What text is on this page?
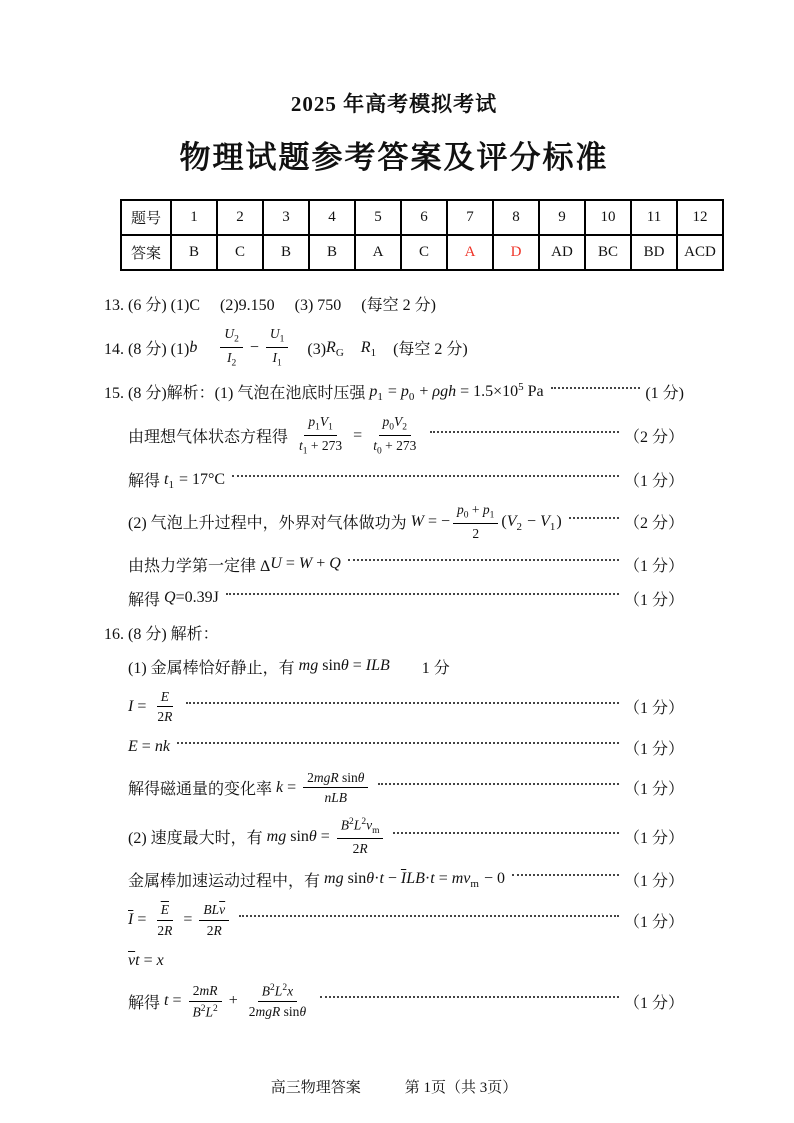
2025 年高考模拟考试
物理试题参考答案及评分标准
题号	1	2	3	4	5	6	7	8	9	10	11	12
答案	B	C	B	B	A	C	A	D	AD	BC	BD	ACD
13. (6 分) (1)C　 (2)9.150　 (3) 750　 (每空 2 分)
14. (8 分) (1) b
　 $\frac{U_2}{I_2} - \frac{U_1}{I_1}$ 　(3) $R_G$
　 $R_1$ 　(每空 2 分)
15. (8 分)解析：(1) 气泡在池底时压强 $p_1 = p_0 + \rho gh = 1.5\times 10^5$ Pa	(1 分)
由理想气体状态方程得 $\frac{p_1V_1}{t_1 + 273} = \frac{p_0V_2}{t_0 + 273}$	（2 分）
解得 $t_1 = 17^\circ C$	（1 分）
(2) 气泡上升过程中，外界对气体做功为 W = − $\frac{p_0 + p_1}{2}$ ( $V_2 - V_1$ )	（2 分）
由热力学第一定律 Δ U = W + Q	（1 分）
解得 Q =0.39J	（1 分）
16. (8 分) 解析：
(1) 金属棒恰好静止，有 mg sin θ = ILB 　　1 分
$I = \frac{E}{2R}$	（1 分）
E = nk	（1 分）
解得磁通量的变化率 $k = \frac{\text{2mgR sinθ}}{\text{nLB}}$	（1 分）
(2) 速度最大时，有 mg $\sin \theta = \frac{B^2L^2v_m}{2R}$	（1 分）
金属棒加速运动过程中，有 mg $\sin \theta \cdot t - \overline{I}$ LB · $t = mv_m - 0$	（1 分）
$\overline{I} = \frac{\overline{E}}{2R} = \frac{BL\overline{v}}{2R}$	（1 分）
$\overline{v}$ t = x
解得 $t = \frac{2mR}{B^2L^2} + \frac{B^2L^2x}{\text{2mgR sinθ}}$	（1 分）
高三物理答案	第 1页（共 3页）
